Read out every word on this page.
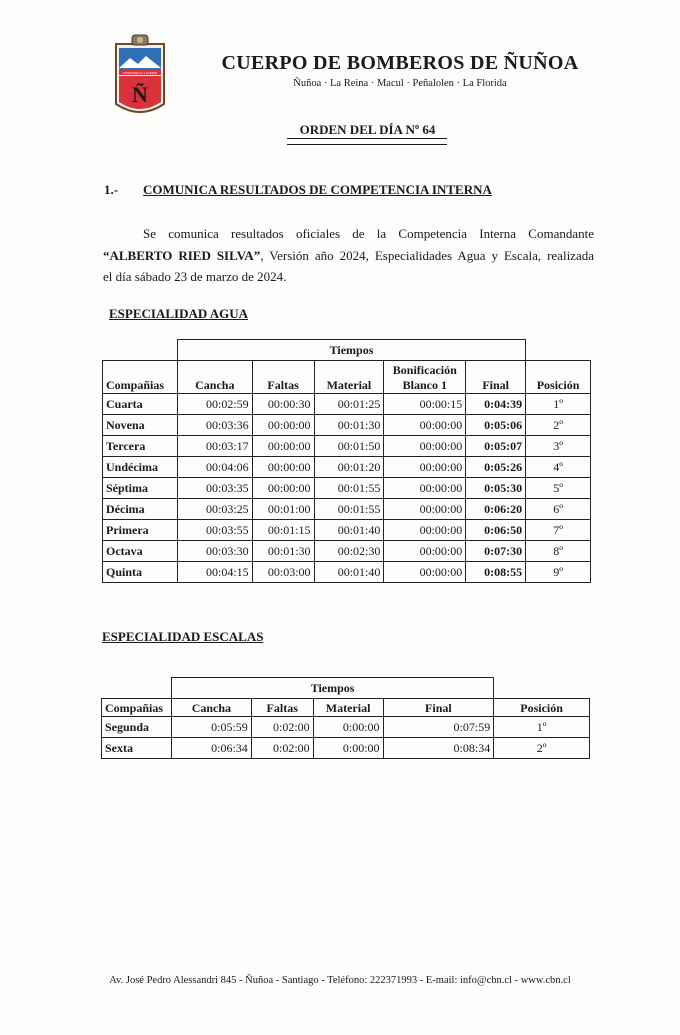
CONSTANCIA Y ALERTA
Ñ
CUERPO DE BOMBEROS DE ÑUÑOA
Ñuñoa · La Reina · Macul · Peñalolen · La Florida
ORDEN DEL DÍA Nº 64
1.- COMUNICA RESULTADOS DE COMPETENCIA INTERNA
Se comunica resultados oficiales de la Competencia Interna Comandante
“ALBERTO RIED SILVA”, Versión año 2024, Especialidades Agua y Escala, realizada
el día sábado 23 de marzo de 2024.
ESPECIALIDAD AGUA
	Tiempos					
Compañias	Cancha	Faltas	Material	Bonificación Blanco 1	Final	Posición
Cuarta	00:02:59	00:00:30	00:01:25	00:00:15	0:04:39	1º
Novena	00:03:36	00:00:00	00:01:30	00:00:00	0:05:06	2º
Tercera	00:03:17	00:00:00	00:01:50	00:00:00	0:05:07	3º
Undécima	00:04:06	00:00:00	00:01:20	00:00:00	0:05:26	4º
Séptima	00:03:35	00:00:00	00:01:55	00:00:00	0:05:30	5º
Décima	00:03:25	00:01:00	00:01:55	00:00:00	0:06:20	6º
Primera	00:03:55	00:01:15	00:01:40	00:00:00	0:06:50	7º
Octava	00:03:30	00:01:30	00:02:30	00:00:00	0:07:30	8º
Quinta	00:04:15	00:03:00	00:01:40	00:00:00	0:08:55	9º
ESPECIALIDAD ESCALAS
	Tiempos				
Compañias	Cancha	Faltas	Material	Final	Posición
Segunda	0:05:59	0:02:00	0:00:00	0:07:59	1º
Sexta	0:06:34	0:02:00	0:00:00	0:08:34	2º
Av. José Pedro Alessandri 845 - Ñuñoa - Santiago - Teléfono: 222371993 - E-mail: info@cbn.cl - www.cbn.cl
